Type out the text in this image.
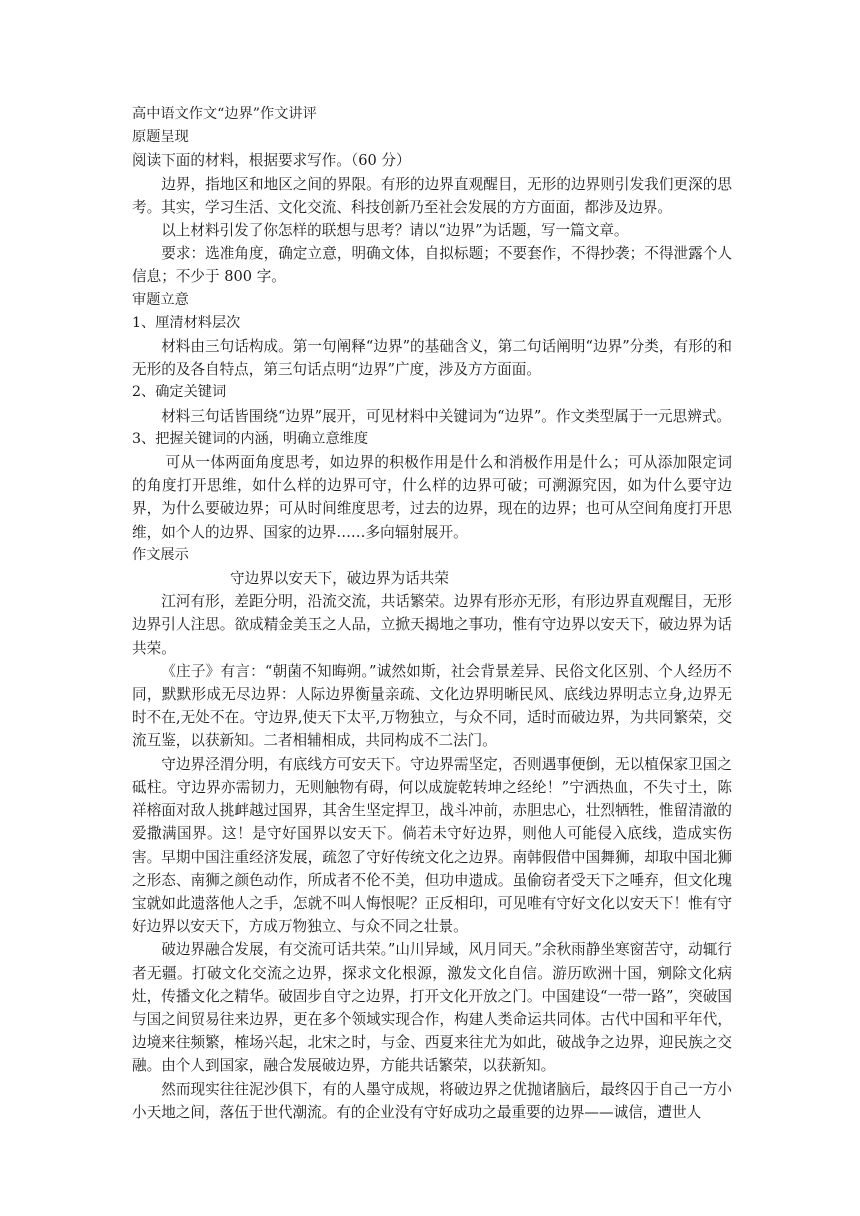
高中语文作文“边界”作文讲评
原题呈现
阅读下面的材料，根据要求写作。（60 分）
边界，指地区和地区之间的界限。有形的边界直观醒目，无形的边界则引发我们更深的思考。其实，学习生活、文化交流、科技创新乃至社会发展的方方面面，都涉及边界。
以上材料引发了你怎样的联想与思考？请以“边界”为话题，写一篇文章。
要求：选准角度，确定立意，明确文体，自拟标题；不要套作，不得抄袭；不得泄露个人信息；不少于 800 字。
审题立意
1、厘清材料层次
材料由三句话构成。第一句阐释“边界”的基础含义，第二句话阐明“边界”分类，有形的和无形的及各自特点，第三句话点明“边界”广度，涉及方方面面。
2、确定关键词
材料三句话皆围绕“边界”展开，可见材料中关键词为“边界”。作文类型属于一元思辨式。
3、把握关键词的内涵，明确立意维度
可从一体两面角度思考，如边界的积极作用是什么和消极作用是什么；可从添加限定词的角度打开思维，如什么样的边界可守，什么样的边界可破；可溯源究因，如为什么要守边界，为什么要破边界；可从时间维度思考，过去的边界，现在的边界；也可从空间角度打开思维，如个人的边界、国家的边界……多向辐射展开。
作文展示
守边界以安天下，破边界为话共荣
江河有形，差距分明，沿流交流，共话繁荣。边界有形亦无形，有形边界直观醒目，无形边界引人注思。欲成精金美玉之人品，立掀天揭地之事功，惟有守边界以安天下，破边界为话共荣。
《庄子》有言：“朝菌不知晦朔。”诚然如斯，社会背景差异、民俗文化区别、个人经历不同，默默形成无尽边界：人际边界衡量亲疏、文化边界明晰民风、底线边界明志立身,边界无时不在,无处不在。守边界,使天下太平,万物独立，与众不同，适时而破边界，为共同繁荣，交流互鉴，以获新知。二者相辅相成，共同构成不二法门。
守边界泾渭分明，有底线方可安天下。守边界需坚定，否则遇事便倒，无以植保家卫国之砥柱。守边界亦需韧力，无则触物有碍，何以成旋乾转坤之经纶！”宁洒热血，不失寸土，陈祥榕面对敌人挑衅越过国界，其舍生坚定捍卫，战斗冲前，赤胆忠心，壮烈牺牲，惟留清澈的爱撒满国界。这！是守好国界以安天下。倘若未守好边界，则他人可能侵入底线，造成实伤害。早期中国注重经济发展，疏忽了守好传统文化之边界。南韩假借中国舞狮，却取中国北狮之形态、南狮之颜色动作，所成者不伦不美，但功申遗成。虽偷窃者受天下之唾弃，但文化瑰宝就如此遗落他人之手，怎就不叫人悔恨呢？正反相印，可见唯有守好文化以安天下！惟有守好边界以安天下，方成万物独立、与众不同之壮景。
破边界融合发展，有交流可话共荣。”山川异域，风月同天。”余秋雨静坐寒窗苦守，动辄行者无疆。打破文化交流之边界，探求文化根源，激发文化自信。游历欧洲十国，剜除文化病灶，传播文化之精华。破固步自守之边界，打开文化开放之门。中国建设“一带一路”，突破国与国之间贸易往来边界，更在多个领域实现合作，构建人类命运共同体。古代中国和平年代，边境来往频繁，榷场兴起，北宋之时，与金、西夏来往尤为如此，破战争之边界，迎民族之交融。由个人到国家，融合发展破边界，方能共话繁荣，以获新知。
然而现实往往泥沙俱下，有的人墨守成规，将破边界之优抛诸脑后，最终囚于自己一方小小天地之间，落伍于世代潮流。有的企业没有守好成功之最重要的边界——诚信，遭世人
